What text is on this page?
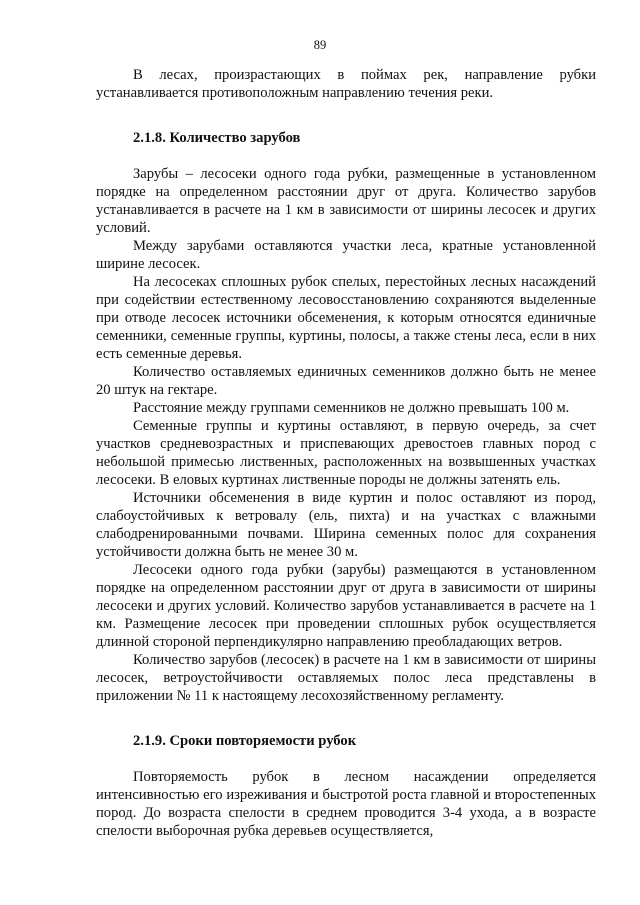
89

В лесах, произрастающих в поймах рек, направление рубки устанавливается противоположным направлению течения реки.

2.1.8. Количество зарубов

Зарубы – лесосеки одного года рубки, размещенные в установленном порядке на определенном расстоянии друг от друга. Количество зарубов устанавливается в расчете на 1 км в зависимости от ширины лесосек и других условий.

Между зарубами оставляются участки леса, кратные установленной ширине лесосек.

На лесосеках сплошных рубок спелых, перестойных лесных насаждений при содействии естественному лесовосстановлению сохраняются выделенные при отводе лесосек источники обсеменения, к которым относятся единичные семенники, семенные группы, куртины, полосы, а также стены леса, если в них есть семенные деревья.

Количество оставляемых единичных семенников должно быть не менее 20 штук на гектаре.

Расстояние между группами семенников не должно превышать 100 м.

Семенные группы и куртины оставляют, в первую очередь, за счет участков средневозрастных и приспевающих древостоев главных пород с небольшой примесью лиственных, расположенных на возвышенных участках лесосеки. В еловых куртинах лиственные породы не должны затенять ель.

Источники обсеменения в виде куртин и полос оставляют из пород, слабоустойчивых к ветровалу (ель, пихта) и на участках с влажными слабодренированными почвами. Ширина семенных полос для сохранения устойчивости должна быть не менее 30 м.

Лесосеки одного года рубки (зарубы) размещаются в установленном порядке на определенном расстоянии друг от друга в зависимости от ширины лесосеки и других условий. Количество зарубов устанавливается в расчете на 1 км. Размещение лесосек при проведении сплошных рубок осуществляется длинной стороной перпендикулярно направлению преобладающих ветров.

Количество зарубов (лесосек) в расчете на 1 км в зависимости от ширины лесосек, ветроустойчивости оставляемых полос леса представлены в приложении № 11 к настоящему лесохозяйственному регламенту.

2.1.9. Сроки повторяемости рубок

Повторяемость рубок в лесном насаждении определяется интенсивностью его изреживания и быстротой роста главной и второстепенных пород. До возраста спелости в среднем проводится 3-4 ухода, а в возрасте спелости выборочная рубка деревьев осуществляется,
